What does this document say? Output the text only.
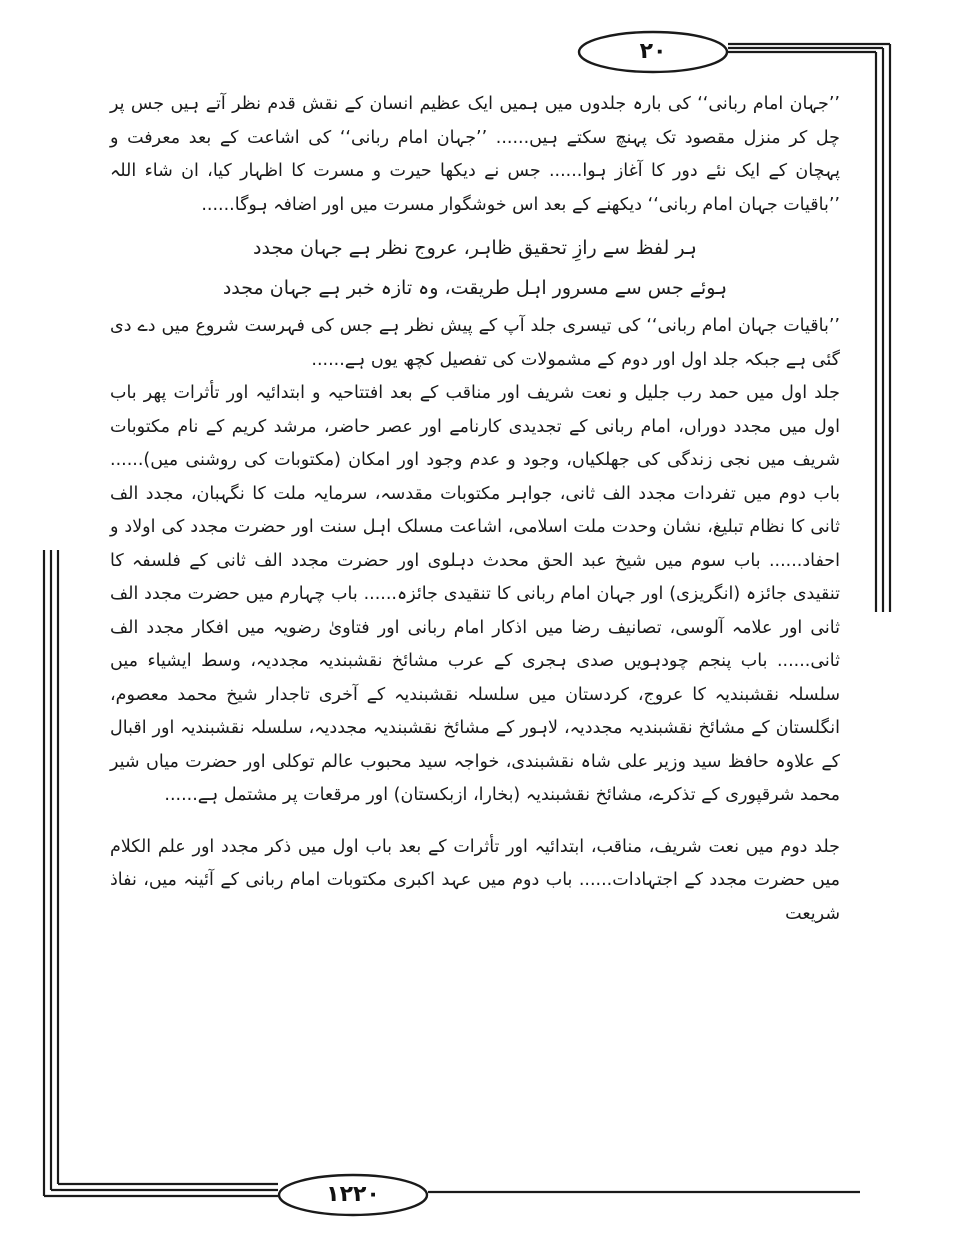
٢٠
١٢٢٠

’’جہان امام ربانی‘‘ کی بارہ جلدوں میں ہمیں ایک عظیم انسان کے نقش قدم نظر آتے ہیں جس پر چل کر منزل مقصود تک پہنچ سکتے ہیں...... ’’جہان امام ربانی‘‘ کی اشاعت کے بعد معرفت و پہچان کے ایک نئے دور کا آغاز ہوا...... جس نے دیکھا حیرت و مسرت کا اظہار کیا، ان شاء اللہ ’’باقیات جہان امام ربانی‘‘ دیکھنے کے بعد اس خوشگوار مسرت میں اور اضافہ ہوگا......

ہر لفظ سے رازِ تحقیق ظاہر، عروج نظر ہے جہان مجدد
ہوئے جس سے مسرور اہل طریقت، وہ تازہ خبر ہے جہان مجدد

’’باقیات جہان امام ربانی‘‘ کی تیسری جلد آپ کے پیش نظر ہے جس کی فہرست شروع میں دے دی گئی ہے جبکہ جلد اول اور دوم کے مشمولات کی تفصیل کچھ یوں ہے......

جلد اول میں حمد رب جلیل و نعت شریف اور مناقب کے بعد افتتاحیہ و ابتدائیہ اور تأثرات پھر باب اول میں مجدد دوراں، امام ربانی کے تجدیدی کارنامے اور عصر حاضر، مرشد کریم کے نام مکتوبات شریف میں نجی زندگی کی جھلکیاں، وجود و عدم وجود اور امکان (مکتوبات کی روشنی میں)...... باب دوم میں تفردات مجدد الف ثانی، جواہر مکتوبات مقدسہ، سرمایہ ملت کا نگہبان، مجدد الف ثانی کا نظام تبلیغ، نشان وحدت ملت اسلامی، اشاعت مسلک اہل سنت اور حضرت مجدد کی اولاد و احفاد...... باب سوم میں شیخ عبد الحق محدث دہلوی اور حضرت مجدد الف ثانی کے فلسفہ کا تنقیدی جائزہ (انگریزی) اور جہان امام ربانی کا تنقیدی جائزہ...... باب چہارم میں حضرت مجدد الف ثانی اور علامہ آلوسی، تصانیف رضا میں اذکار امام ربانی اور فتاویٰ رضویہ میں افکار مجدد الف ثانی...... باب پنجم چودہویں صدی ہجری کے عرب مشائخ نقشبندیہ مجددیہ، وسط ایشیاء میں سلسلہ نقشبندیہ کا عروج، کردستان میں سلسلہ نقشبندیہ کے آخری تاجدار شیخ محمد معصوم، انگلستان کے مشائخ نقشبندیہ مجددیہ، لاہور کے مشائخ نقشبندیہ مجددیہ، سلسلہ نقشبندیہ اور اقبال کے علاوہ حافظ سید وزیر علی شاہ نقشبندی، خواجہ سید محبوب عالم توکلی اور حضرت میاں شیر محمد شرقپوری کے تذکرے، مشائخ نقشبندیہ (بخارا، ازبکستان) اور مرقعات پر مشتمل ہے......

جلد دوم میں نعت شریف، مناقب، ابتدائیہ اور تأثرات کے بعد باب اول میں ذکر مجدد اور علم الکلام میں حضرت مجدد کے اجتہادات...... باب دوم میں عہد اکبری مکتوبات امام ربانی کے آئینہ میں، نفاذ شریعت
